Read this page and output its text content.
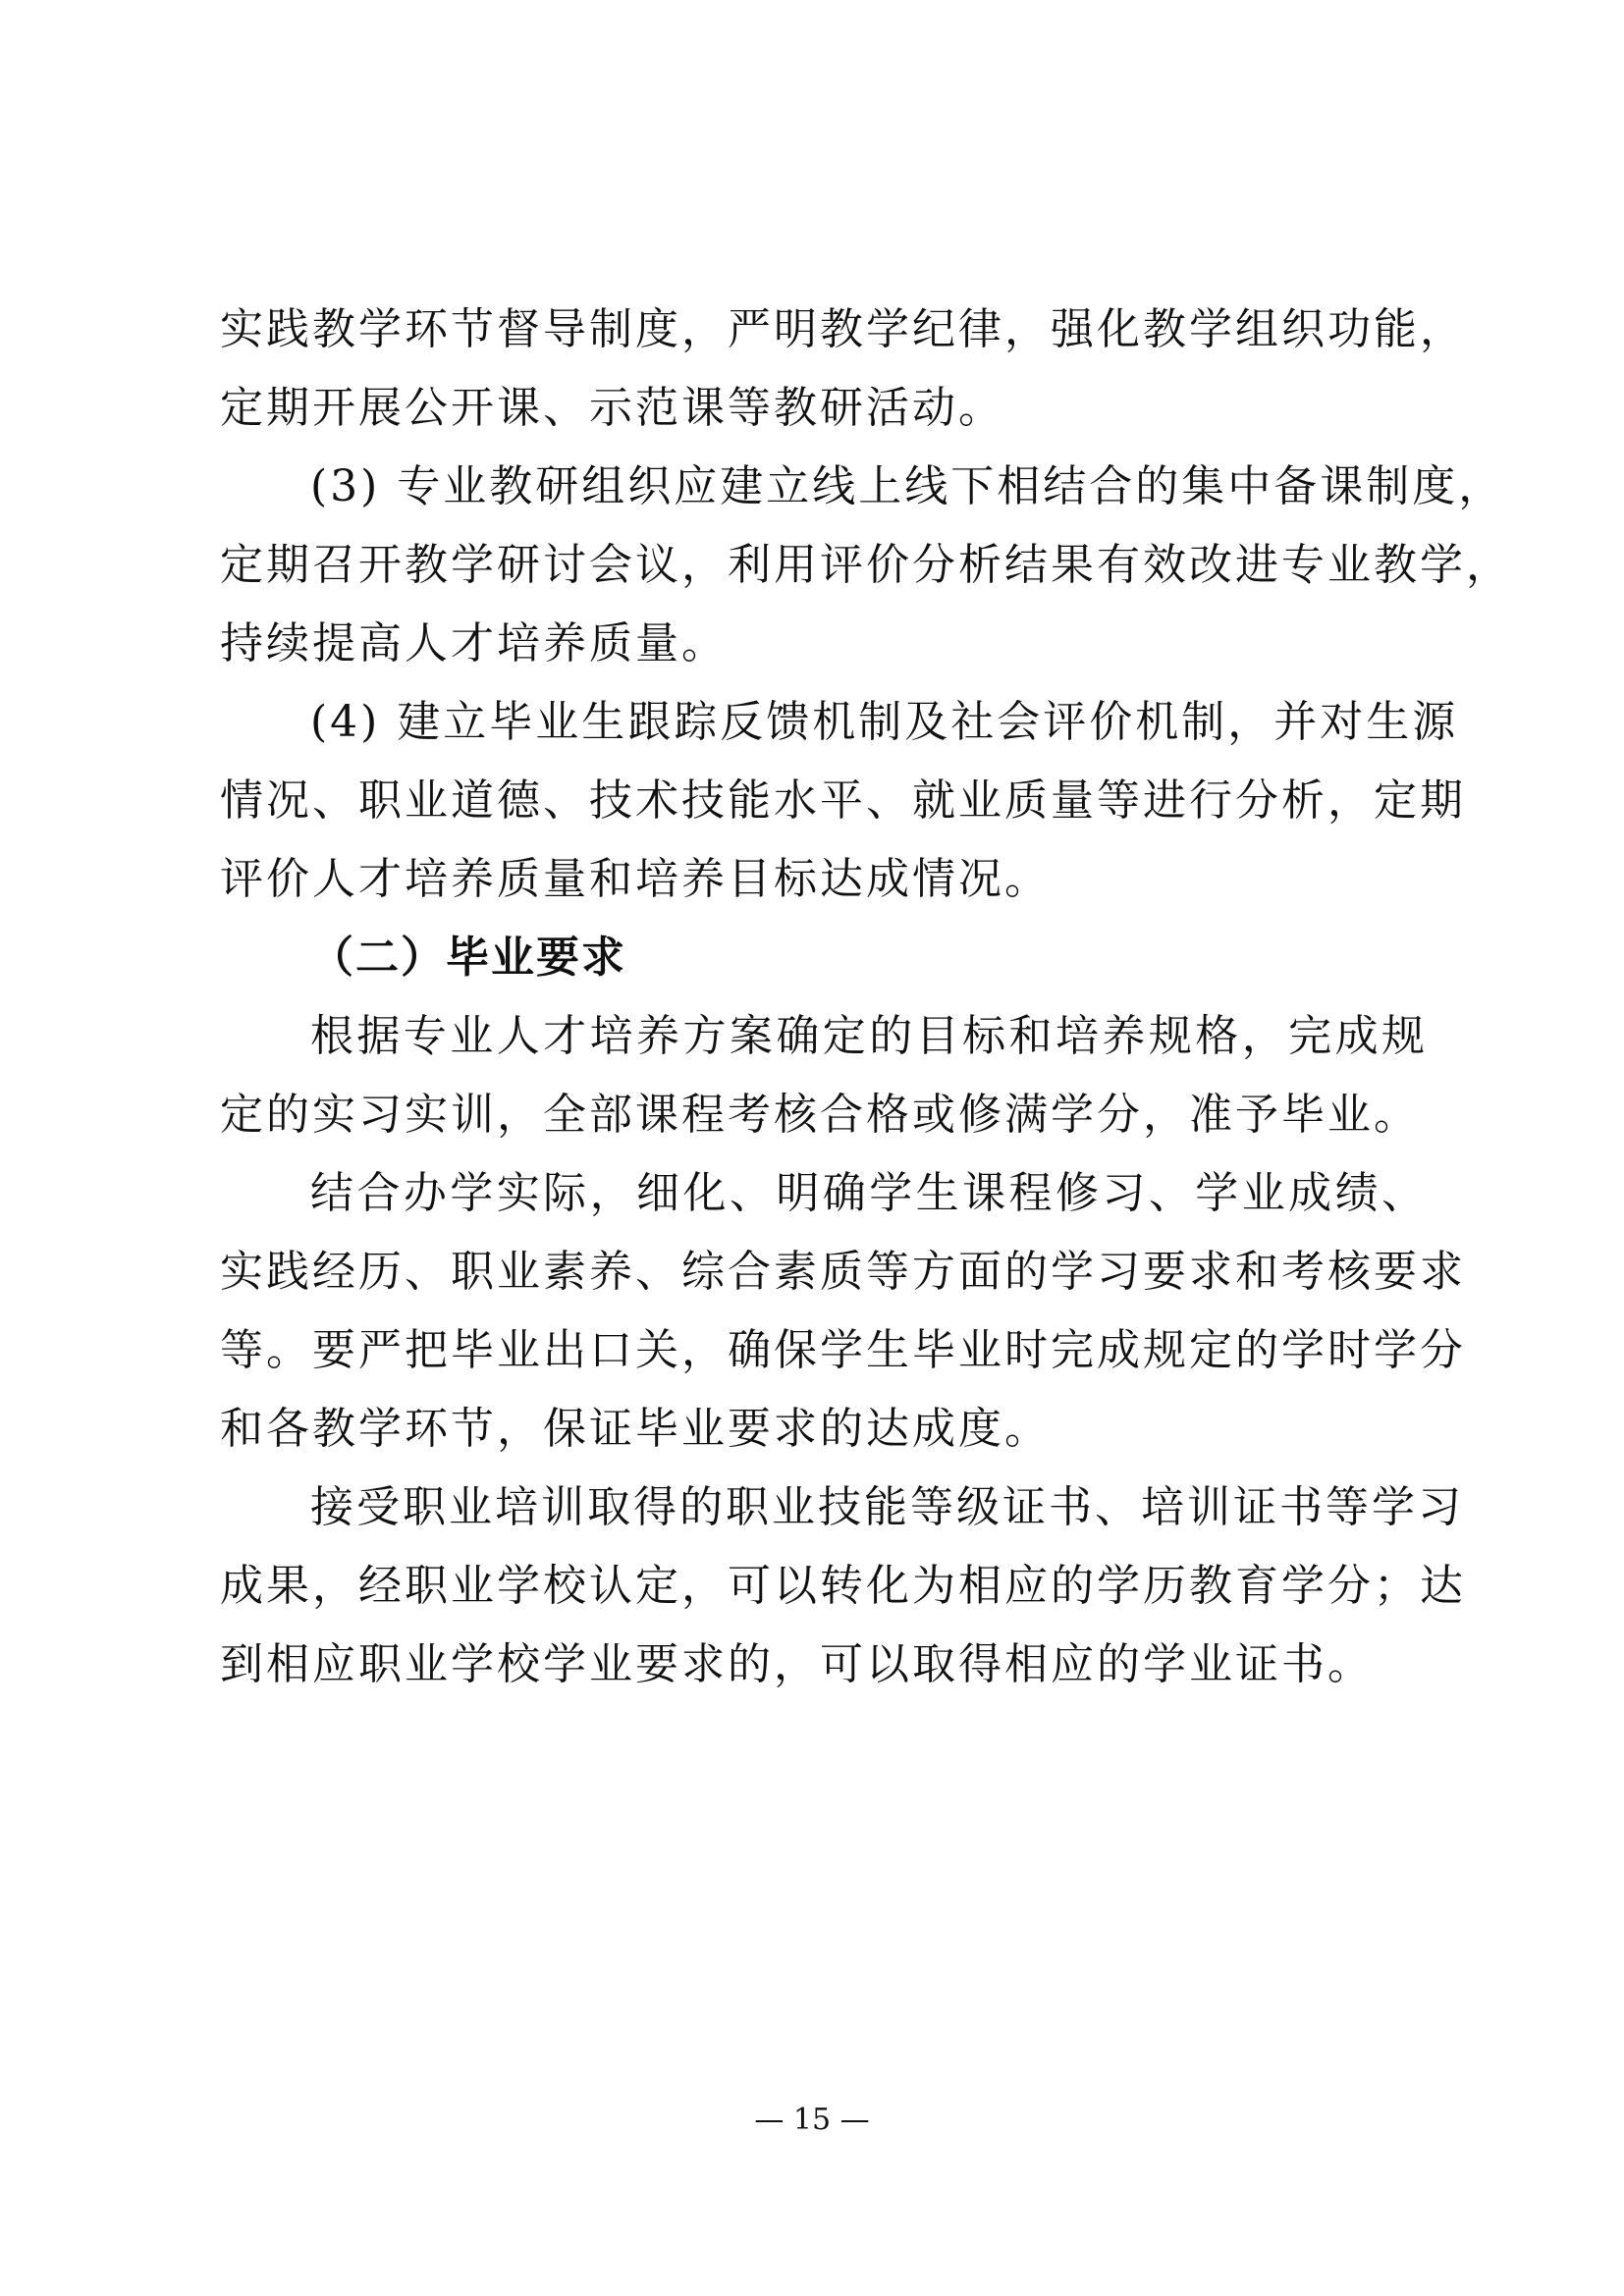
实践教学环节督导制度，严明教学纪律，强化教学组织功能，
定期开展公开课、示范课等教研活动。
(3) 专业教研组织应建立线上线下相结合的集中备课制度，
定期召开教学研讨会议，利用评价分析结果有效改进专业教学，
持续提高人才培养质量。
(4) 建立毕业生跟踪反馈机制及社会评价机制，并对生源
情况、职业道德、技术技能水平、就业质量等进行分析，定期
评价人才培养质量和培养目标达成情况。
（二）毕业要求
根据专业人才培养方案确定的目标和培养规格，完成规
定的实习实训，全部课程考核合格或修满学分，准予毕业。
结合办学实际，细化、明确学生课程修习、学业成绩、
实践经历、职业素养、综合素质等方面的学习要求和考核要求
等。要严把毕业出口关，确保学生毕业时完成规定的学时学分
和各教学环节，保证毕业要求的达成度。
接受职业培训取得的职业技能等级证书、培训证书等学习
成果，经职业学校认定，可以转化为相应的学历教育学分；达
到相应职业学校学业要求的，可以取得相应的学业证书。
— 15 —
